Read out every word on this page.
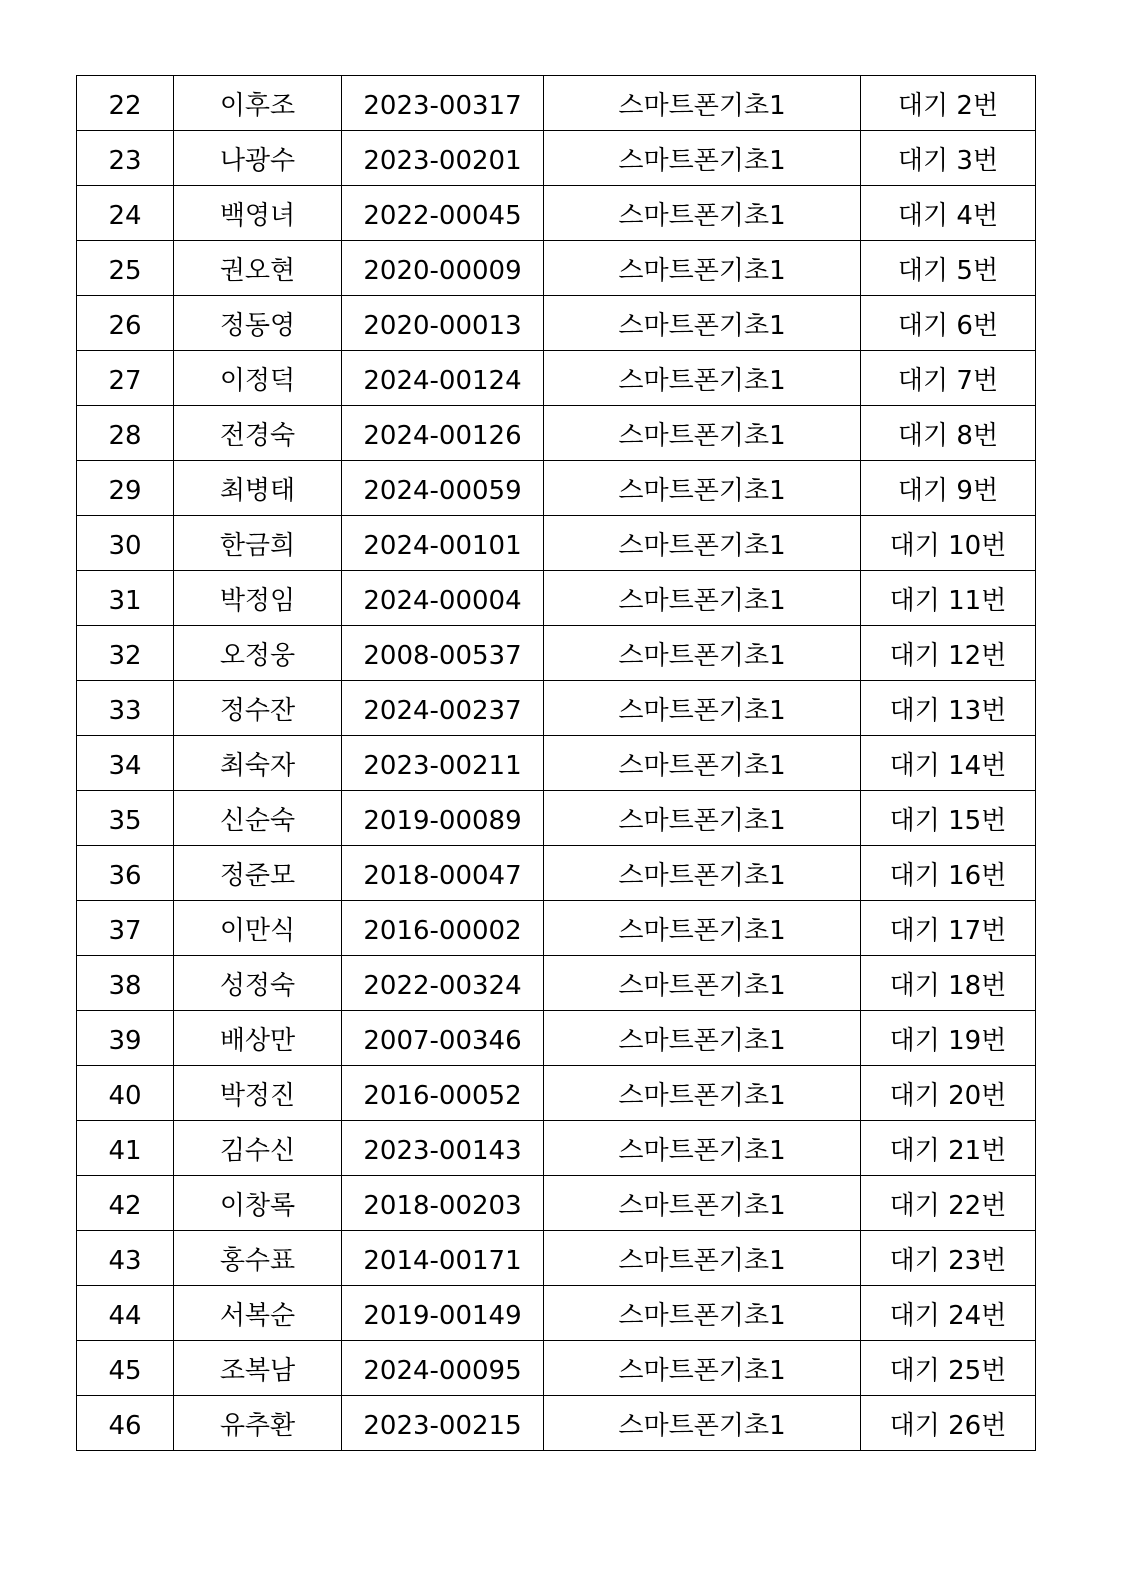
22	이후조	2023-00317	스마트폰기초1	대기 2번
23	나광수	2023-00201	스마트폰기초1	대기 3번
24	백영녀	2022-00045	스마트폰기초1	대기 4번
25	권오현	2020-00009	스마트폰기초1	대기 5번
26	정동영	2020-00013	스마트폰기초1	대기 6번
27	이정덕	2024-00124	스마트폰기초1	대기 7번
28	전경숙	2024-00126	스마트폰기초1	대기 8번
29	최병태	2024-00059	스마트폰기초1	대기 9번
30	한금희	2024-00101	스마트폰기초1	대기 10번
31	박정임	2024-00004	스마트폰기초1	대기 11번
32	오정웅	2008-00537	스마트폰기초1	대기 12번
33	정수잔	2024-00237	스마트폰기초1	대기 13번
34	최숙자	2023-00211	스마트폰기초1	대기 14번
35	신순숙	2019-00089	스마트폰기초1	대기 15번
36	정준모	2018-00047	스마트폰기초1	대기 16번
37	이만식	2016-00002	스마트폰기초1	대기 17번
38	성정숙	2022-00324	스마트폰기초1	대기 18번
39	배상만	2007-00346	스마트폰기초1	대기 19번
40	박정진	2016-00052	스마트폰기초1	대기 20번
41	김수신	2023-00143	스마트폰기초1	대기 21번
42	이창록	2018-00203	스마트폰기초1	대기 22번
43	홍수표	2014-00171	스마트폰기초1	대기 23번
44	서복순	2019-00149	스마트폰기초1	대기 24번
45	조복남	2024-00095	스마트폰기초1	대기 25번
46	유추환	2023-00215	스마트폰기초1	대기 26번
